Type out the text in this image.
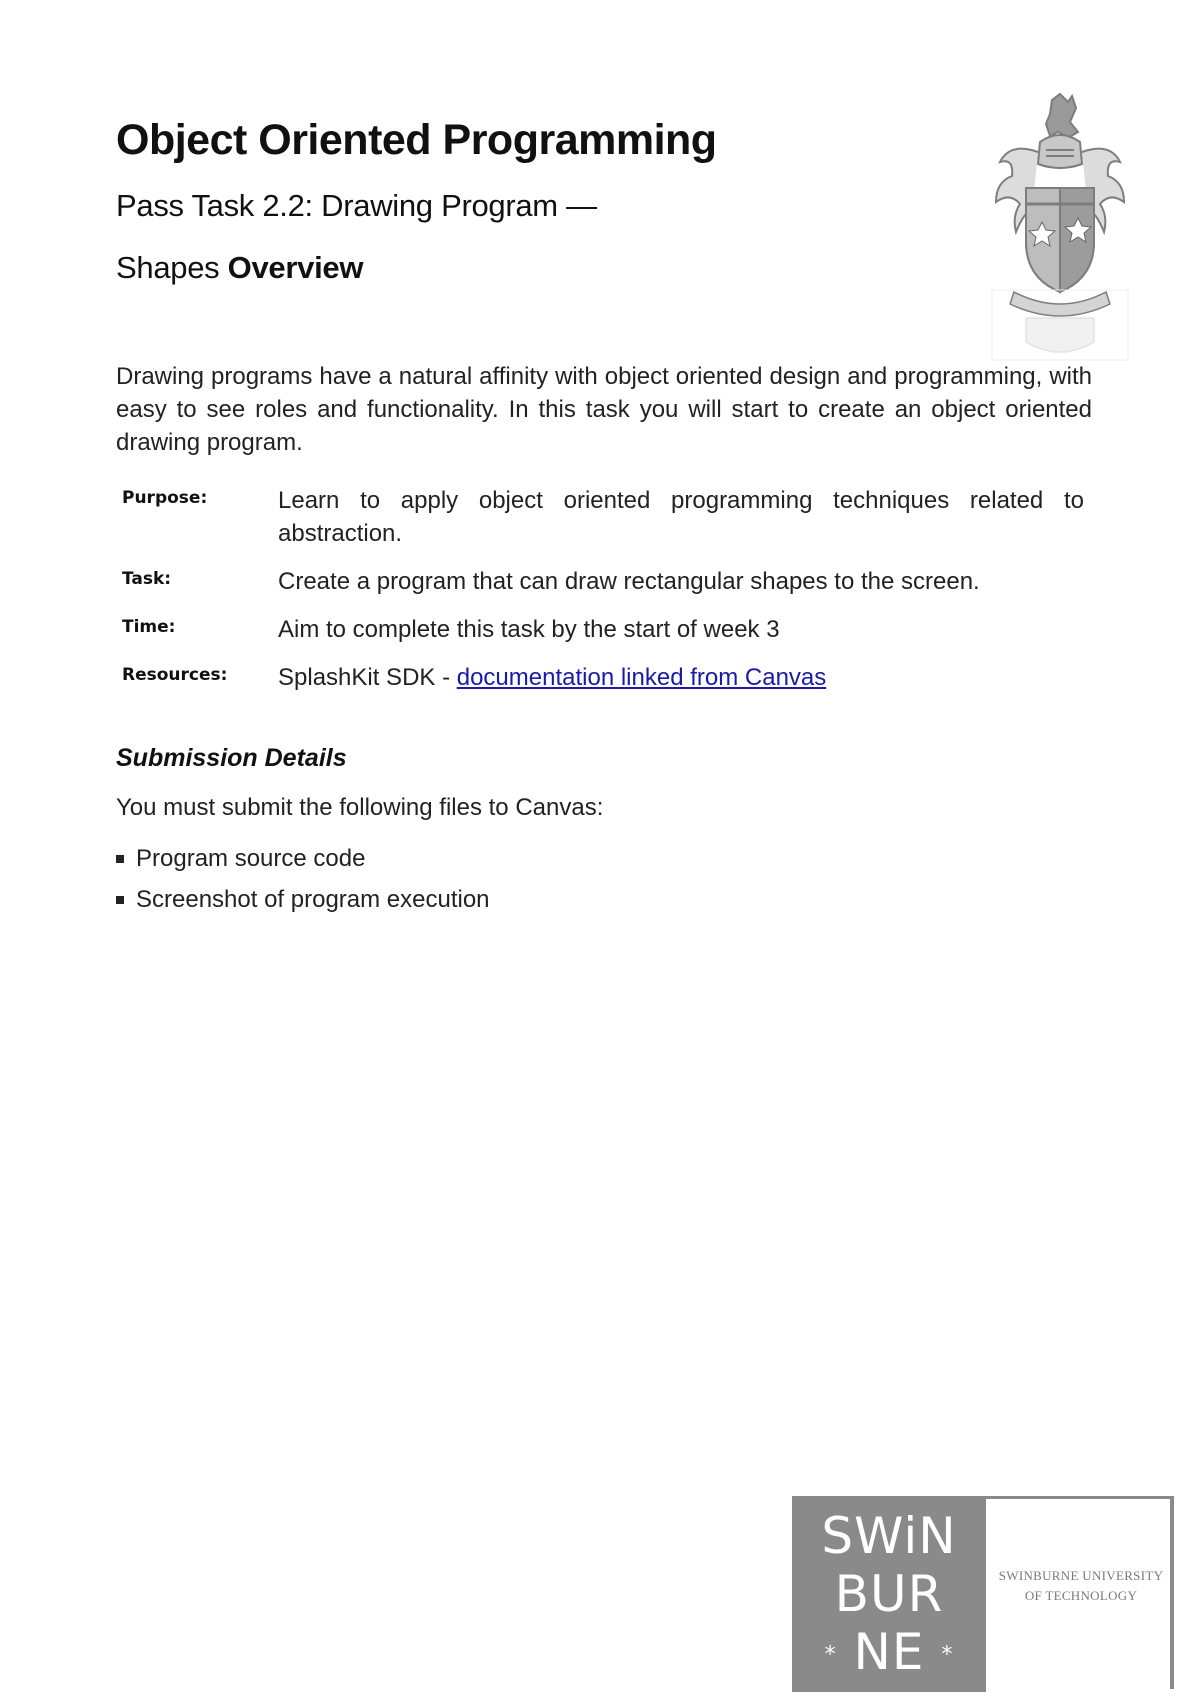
Object Oriented Programming
Pass Task 2.2: Drawing Program —
Shapes Overview

Drawing programs have a natural affinity with object oriented design and programming, with easy to see roles and functionality. In this task you will start to create an object oriented drawing program.

Purpose:	Learn to apply object oriented programming techniques related to abstraction.
Task:	Create a program that can draw rectangular shapes to the screen.
Time:	Aim to complete this task by the start of week 3
Resources:	SplashKit SDK - documentation linked from Canvas
Submission Details

You must submit the following files to Canvas:

Program source code
Screenshot of program execution
SWiN
BUR
* NE *
SWINBURNE UNIVERSITY
OF TECHNOLOGY
